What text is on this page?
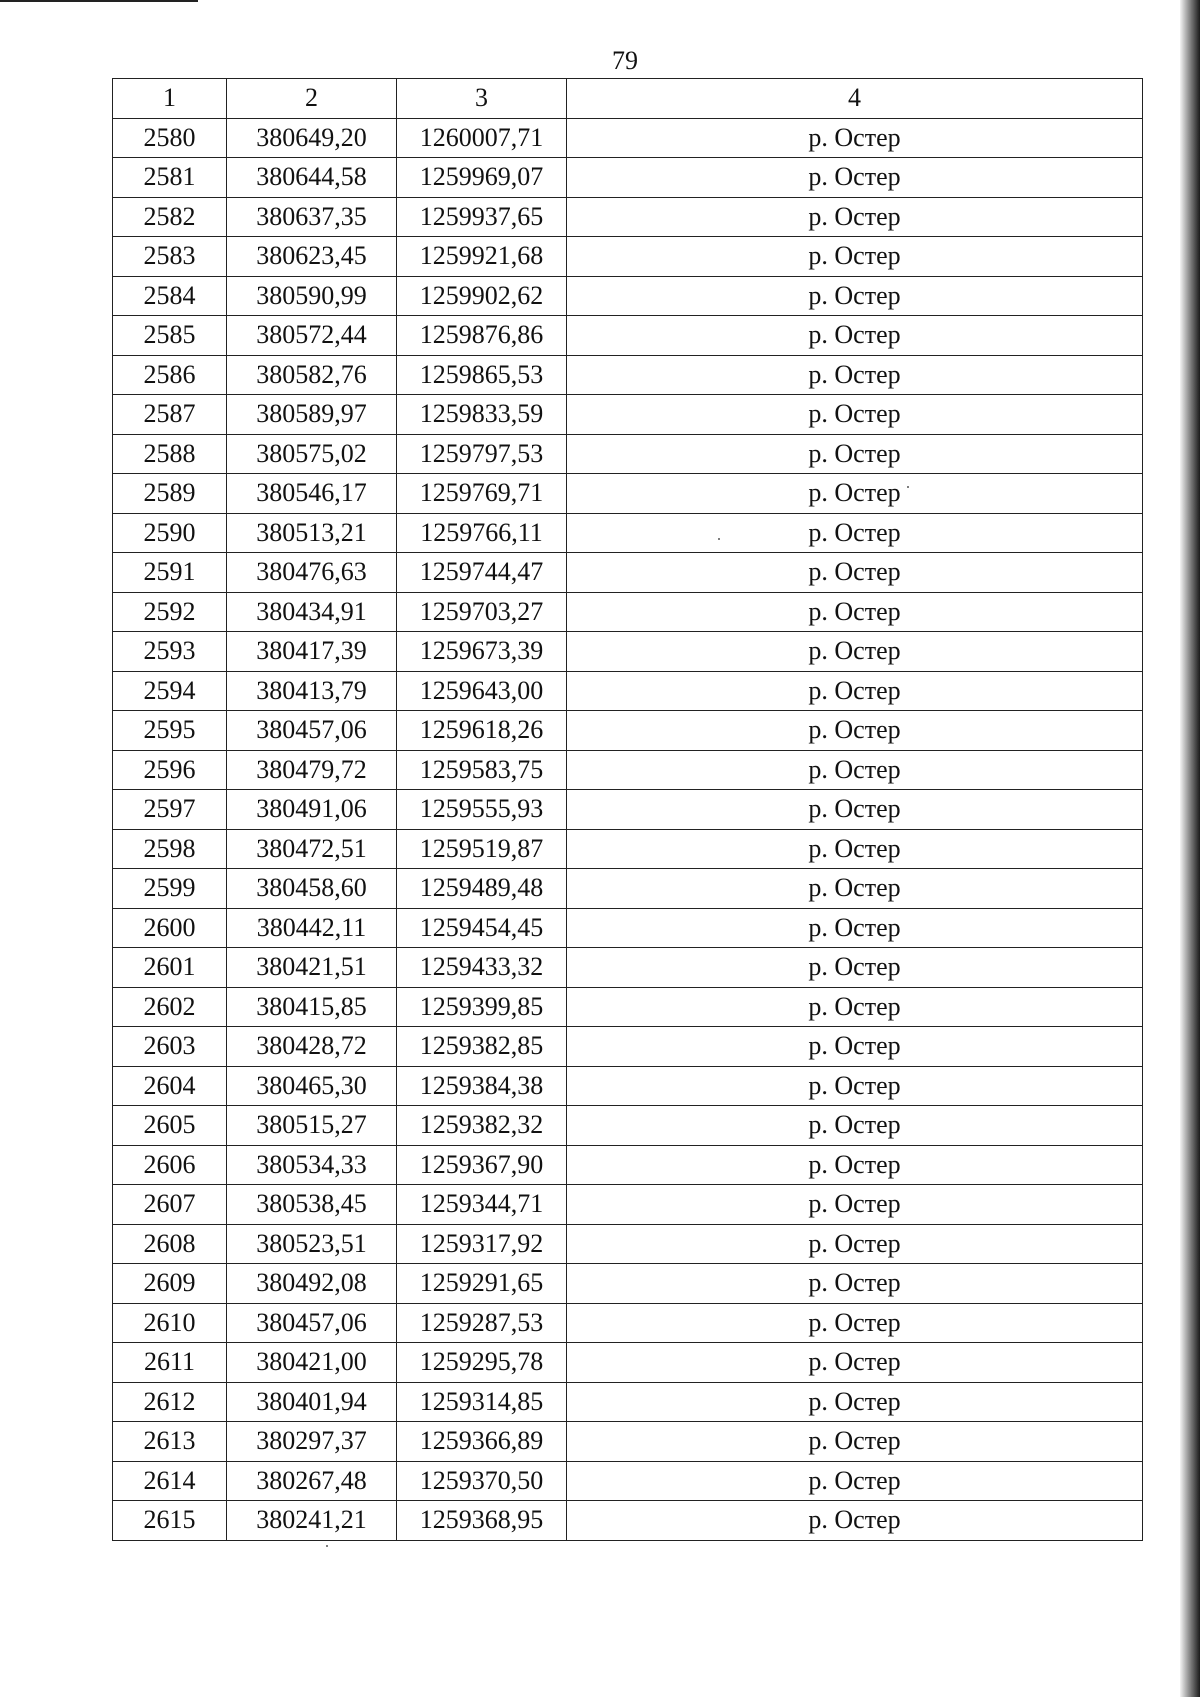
79
1	2	3	4
2580	380649,20	1260007,71	р. Остер
2581	380644,58	1259969,07	р. Остер
2582	380637,35	1259937,65	р. Остер
2583	380623,45	1259921,68	р. Остер
2584	380590,99	1259902,62	р. Остер
2585	380572,44	1259876,86	р. Остер
2586	380582,76	1259865,53	р. Остер
2587	380589,97	1259833,59	р. Остер
2588	380575,02	1259797,53	р. Остер
2589	380546,17	1259769,71	р. Остер
2590	380513,21	1259766,11	р. Остер
2591	380476,63	1259744,47	р. Остер
2592	380434,91	1259703,27	р. Остер
2593	380417,39	1259673,39	р. Остер
2594	380413,79	1259643,00	р. Остер
2595	380457,06	1259618,26	р. Остер
2596	380479,72	1259583,75	р. Остер
2597	380491,06	1259555,93	р. Остер
2598	380472,51	1259519,87	р. Остер
2599	380458,60	1259489,48	р. Остер
2600	380442,11	1259454,45	р. Остер
2601	380421,51	1259433,32	р. Остер
2602	380415,85	1259399,85	р. Остер
2603	380428,72	1259382,85	р. Остер
2604	380465,30	1259384,38	р. Остер
2605	380515,27	1259382,32	р. Остер
2606	380534,33	1259367,90	р. Остер
2607	380538,45	1259344,71	р. Остер
2608	380523,51	1259317,92	р. Остер
2609	380492,08	1259291,65	р. Остер
2610	380457,06	1259287,53	р. Остер
2611	380421,00	1259295,78	р. Остер
2612	380401,94	1259314,85	р. Остер
2613	380297,37	1259366,89	р. Остер
2614	380267,48	1259370,50	р. Остер
2615	380241,21	1259368,95	р. Остер
